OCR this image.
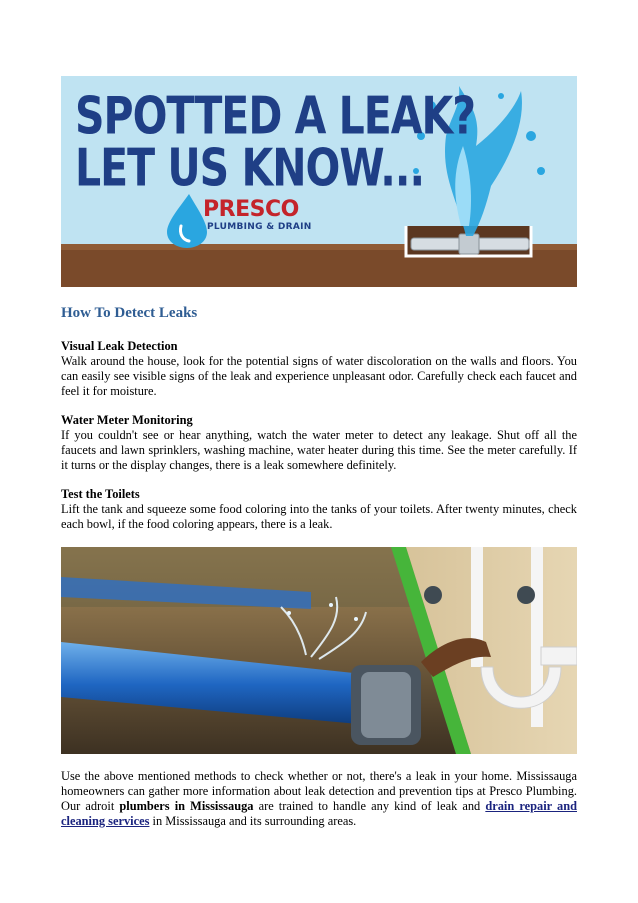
SPOTTED A LEAK?
LET US KNOW...
PRESCO
PLUMBING & DRAIN
How To Detect Leaks
Visual Leak Detection

Walk around the house, look for the potential signs of water discoloration on the walls and floors. You can easily see visible signs of the leak and experience unpleasant odor. Carefully check each faucet and feel it for moisture.

Water Meter Monitoring

If you couldn't see or hear anything, watch the water meter to detect any leakage. Shut off all the faucets and lawn sprinklers, washing machine, water heater during this time. See the meter carefully. If it turns or the display changes, there is a leak somewhere definitely.

Test the Toilets

Lift the tank and squeeze some food coloring into the tanks of your toilets. After twenty minutes, check each bowl, if the food coloring appears, there is a leak.

Use the above mentioned methods to check whether or not, there's a leak in your home. Mississauga homeowners can gather more information about leak detection and prevention tips at Presco Plumbing. Our adroit plumbers in Mississauga are trained to handle any kind of leak and drain repair and cleaning services in Mississauga and its surrounding areas.
